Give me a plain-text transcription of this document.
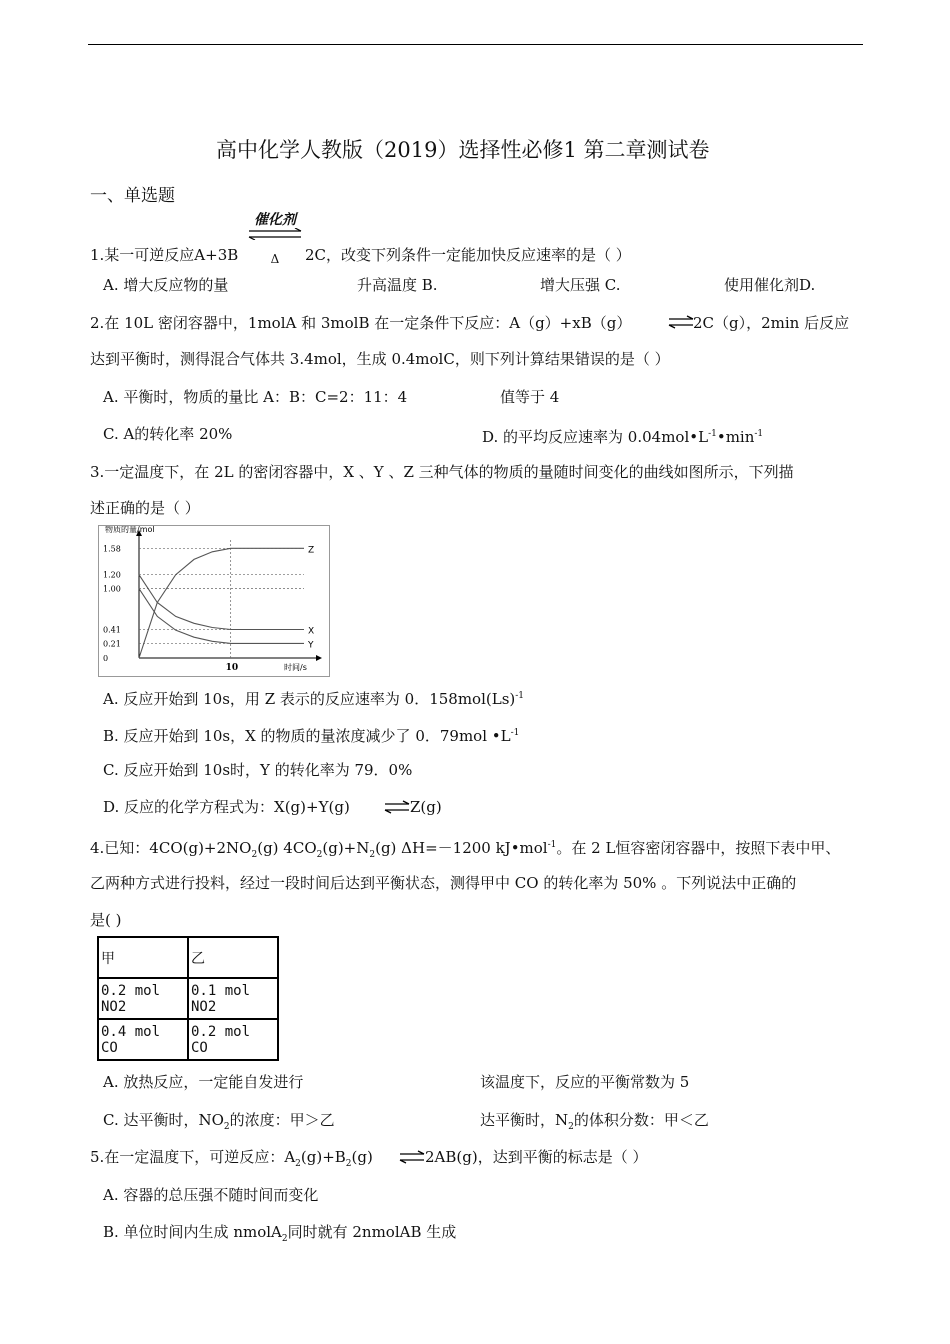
高中化学人教版（2019）选择性必修1 第二章测试卷
一、单选题
催化剂
Δ
1.某一可逆反应A+3B	2C，改变下列条件一定能加快反应速率的是（ ）
A. 增大反应物的量	升高温度 B.	增大压强 C.	使用催化剂D.
2.在 10L 密闭容器中，1molA 和 3molB 在一定条件下反应：A（g）+xB（g）	2C（g），2min 后反应
达到平衡时，测得混合气体共 3.4mol，生成 0.4molC，则下列计算结果错误的是（ ）
A. 平衡时，物质的量比 A：B：C=2：11：4	值等于 4
C. A的转化率 20%	D. 的平均反应速率为 $0.04mol•L^{-1}•\min^{-1}$
3.一定温度下，在 2L 的密闭容器中，X 、Y 、Z 三种气体的物质的量随时间变化的曲线如图所示，下列描
述正确的是（ ）
物质的量/mol
时间/s
1.58
1.20
1.00
0.41
0.21
0
10
Z
X
Y
A. 反应开始到 10s，用 Z 表示的反应速率为 0．$158mol(Ls)^{-1}$
B. 反应开始到 10s，X 的物质的量浓度减少了 0．79mol $•L^{-1}$
C. 反应开始到 10s时，Y 的转化率为 79．0%
D. 反应的化学方程式为：X(g)+Y(g) ⇌ Z(g)
4.已知：$4CO(g)+2NO_2(g)$ $4CO_2(g)+N_2(g)$ ΔH=－1200 kJ•mol$^{-1}$。在 2 L恒容密闭容器中，按照下表中甲、
乙两种方式进行投料，经过一段时间后达到平衡状态，测得甲中 CO 的转化率为 50% 。下列说法中正确的
是( )
甲	乙
0.2 mol NO2	0.1 mol NO2
0.4 mol CO	0.2 mol CO
A. 放热反应，一定能自发进行	该温度下，反应的平衡常数为 5
C. 达平衡时，$NO_2$的浓度：甲＞乙	达平衡时，$N_2$的体积分数：甲＜乙
5.在一定温度下，可逆反应：$A_2(g)+B_2(g)$ ⇌ 2AB(g)，达到平衡的标志是（ ）
A. 容器的总压强不随时间而变化
B. 单位时间内生成 nmolA$_2$同时就有 2nmolAB 生成
